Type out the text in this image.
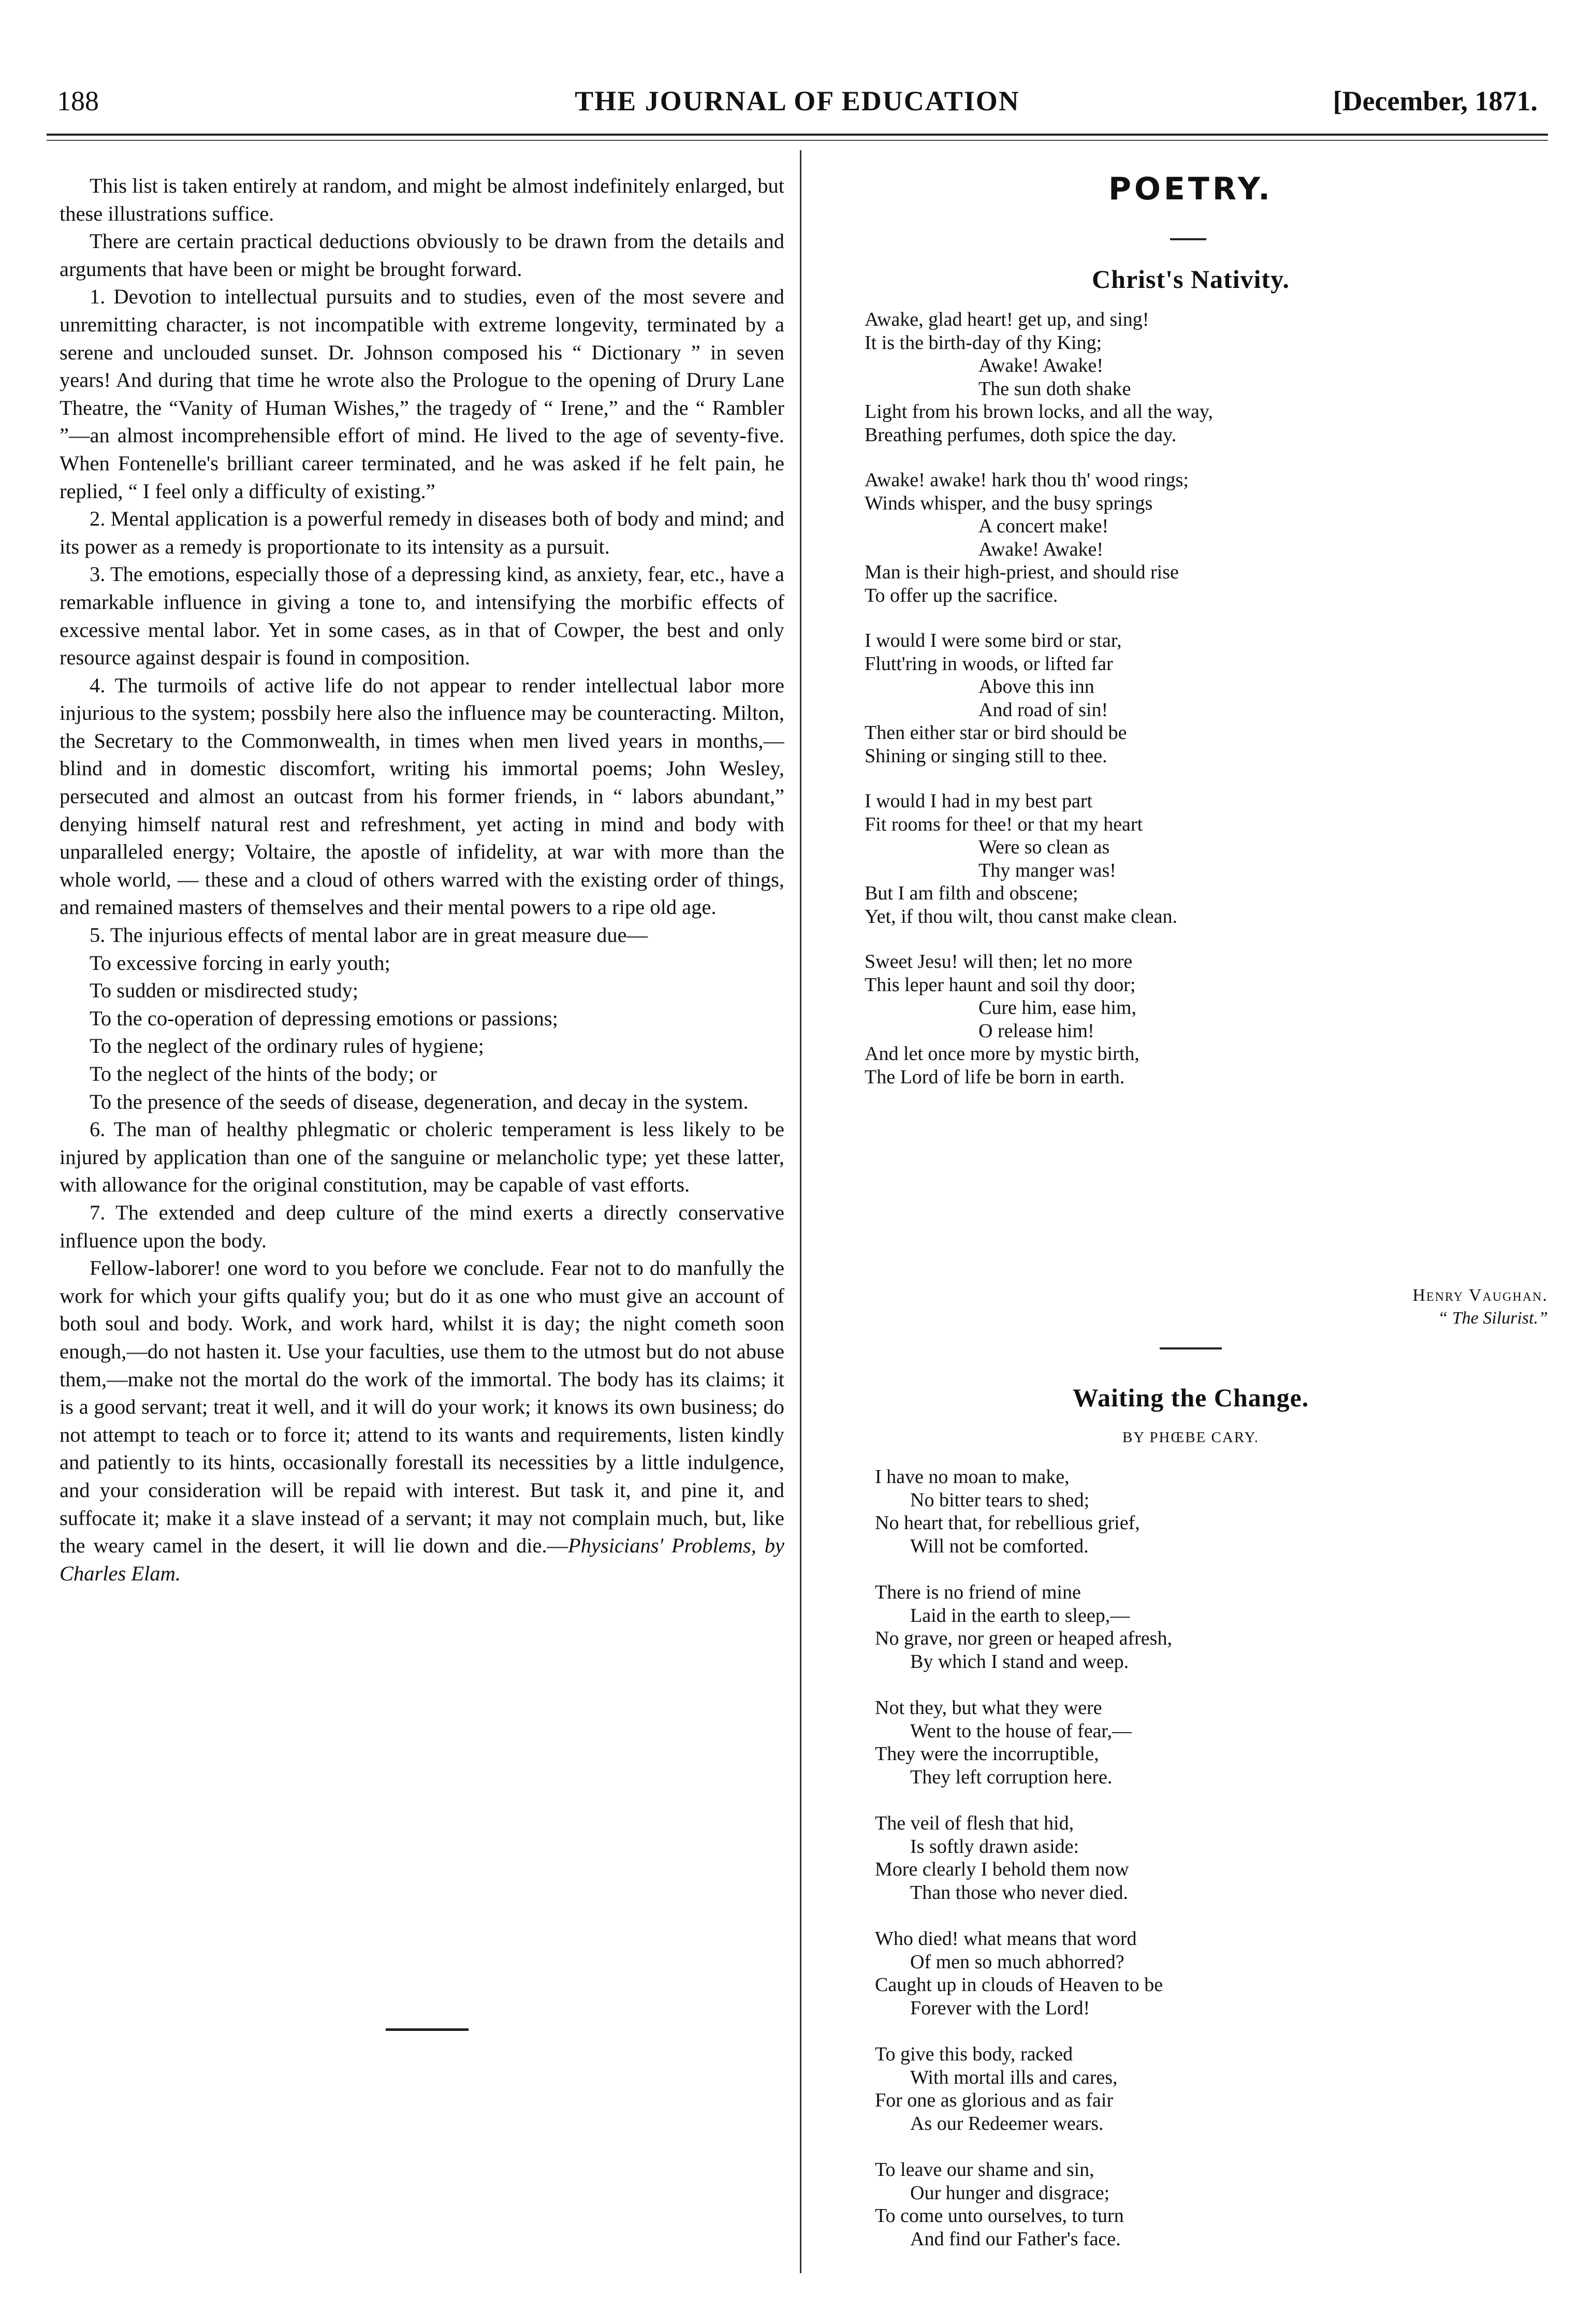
188	THE JOURNAL OF EDUCATION	[December, 1871.

This list is taken entirely at random, and might be almost indefinitely enlarged, but these illustrations suffice.

There are certain practical deductions obviously to be drawn from the details and arguments that have been or might be brought forward.

1. Devotion to intellectual pursuits and to studies, even of the most severe and unremitting character, is not incompatible with extreme longevity, terminated by a serene and unclouded sunset. Dr. Johnson composed his “ Dictionary ” in seven years! And during that time he wrote also the Prologue to the opening of Drury Lane Theatre, the “Vanity of Human Wishes,” the tragedy of “ Irene,” and the “ Rambler ”—an almost incomprehensible effort of mind. He lived to the age of seventy-five. When Fontenelle's brilliant career terminated, and he was asked if he felt pain, he replied, “ I feel only a difficulty of existing.”

2. Mental application is a powerful remedy in diseases both of body and mind; and its power as a remedy is proportionate to its intensity as a pursuit.

3. The emotions, especially those of a depressing kind, as anxiety, fear, etc., have a remarkable influence in giving a tone to, and intensifying the morbific effects of excessive mental labor. Yet in some cases, as in that of Cowper, the best and only resource against despair is found in composition.

4. The turmoils of active life do not appear to render intellectual labor more injurious to the system; possbily here also the influence may be counteracting. Milton, the Secretary to the Commonwealth, in times when men lived years in months,—blind and in domestic discomfort, writing his immortal poems; John Wesley, persecuted and almost an outcast from his former friends, in “ labors abundant,” denying himself natural rest and refreshment, yet acting in mind and body with unparalleled energy; Voltaire, the apostle of infidelity, at war with more than the whole world, — these and a cloud of others warred with the existing order of things, and remained masters of themselves and their mental powers to a ripe old age.

5. The injurious effects of mental labor are in great measure due—

To excessive forcing in early youth;

To sudden or misdirected study;

To the co-operation of depressing emotions or passions;

To the neglect of the ordinary rules of hygiene;

To the neglect of the hints of the body; or

To the presence of the seeds of disease, degeneration, and decay in the system.

6. The man of healthy phlegmatic or choleric temperament is less likely to be injured by application than one of the sanguine or melancholic type; yet these latter, with allowance for the original constitution, may be capable of vast efforts.

7. The extended and deep culture of the mind exerts a directly conservative influence upon the body.

Fellow-laborer! one word to you before we conclude. Fear not to do manfully the work for which your gifts qualify you; but do it as one who must give an account of both soul and body. Work, and work hard, whilst it is day; the night cometh soon enough,—do not hasten it. Use your faculties, use them to the utmost but do not abuse them,—make not the mortal do the work of the immortal. The body has its claims; it is a good servant; treat it well, and it will do your work; it knows its own business; do not attempt to teach or to force it; attend to its wants and requirements, listen kindly and patiently to its hints, occasionally forestall its necessities by a little indulgence, and your consideration will be repaid with interest. But task it, and pine it, and suffocate it; make it a slave instead of a servant; it may not complain much, but, like the weary camel in the desert, it will lie down and die.—Physicians' Problems, by Charles Elam.

POETRY.
Christ's Nativity.
Awake, glad heart! get up, and sing!
It is the birth-day of thy King;
Awake! Awake!
The sun doth shake
Light from his brown locks, and all the way,
Breathing perfumes, doth spice the day.
Awake! awake! hark thou th' wood rings;
Winds whisper, and the busy springs
A concert make!
Awake! Awake!
Man is their high-priest, and should rise
To offer up the sacrifice.
I would I were some bird or star,
Flutt'ring in woods, or lifted far
Above this inn
And road of sin!
Then either star or bird should be
Shining or singing still to thee.
I would I had in my best part
Fit rooms for thee! or that my heart
Were so clean as
Thy manger was!
But I am filth and obscene;
Yet, if thou wilt, thou canst make clean.
Sweet Jesu! will then; let no more
This leper haunt and soil thy door;
Cure him, ease him,
O release him!
And let once more by mystic birth,
The Lord of life be born in earth.
Henry Vaughan.
“ The Silurist.”
Waiting the Change.
BY PHŒBE CARY.
I have no moan to make,
No bitter tears to shed;
No heart that, for rebellious grief,
Will not be comforted.
There is no friend of mine
Laid in the earth to sleep,—
No grave, nor green or heaped afresh,
By which I stand and weep.
Not they, but what they were
Went to the house of fear,—
They were the incorruptible,
They left corruption here.
The veil of flesh that hid,
Is softly drawn aside:
More clearly I behold them now
Than those who never died.
Who died! what means that word
Of men so much abhorred?
Caught up in clouds of Heaven to be
Forever with the Lord!
To give this body, racked
With mortal ills and cares,
For one as glorious and as fair
As our Redeemer wears.
To leave our shame and sin,
Our hunger and disgrace;
To come unto ourselves, to turn
And find our Father's face.
